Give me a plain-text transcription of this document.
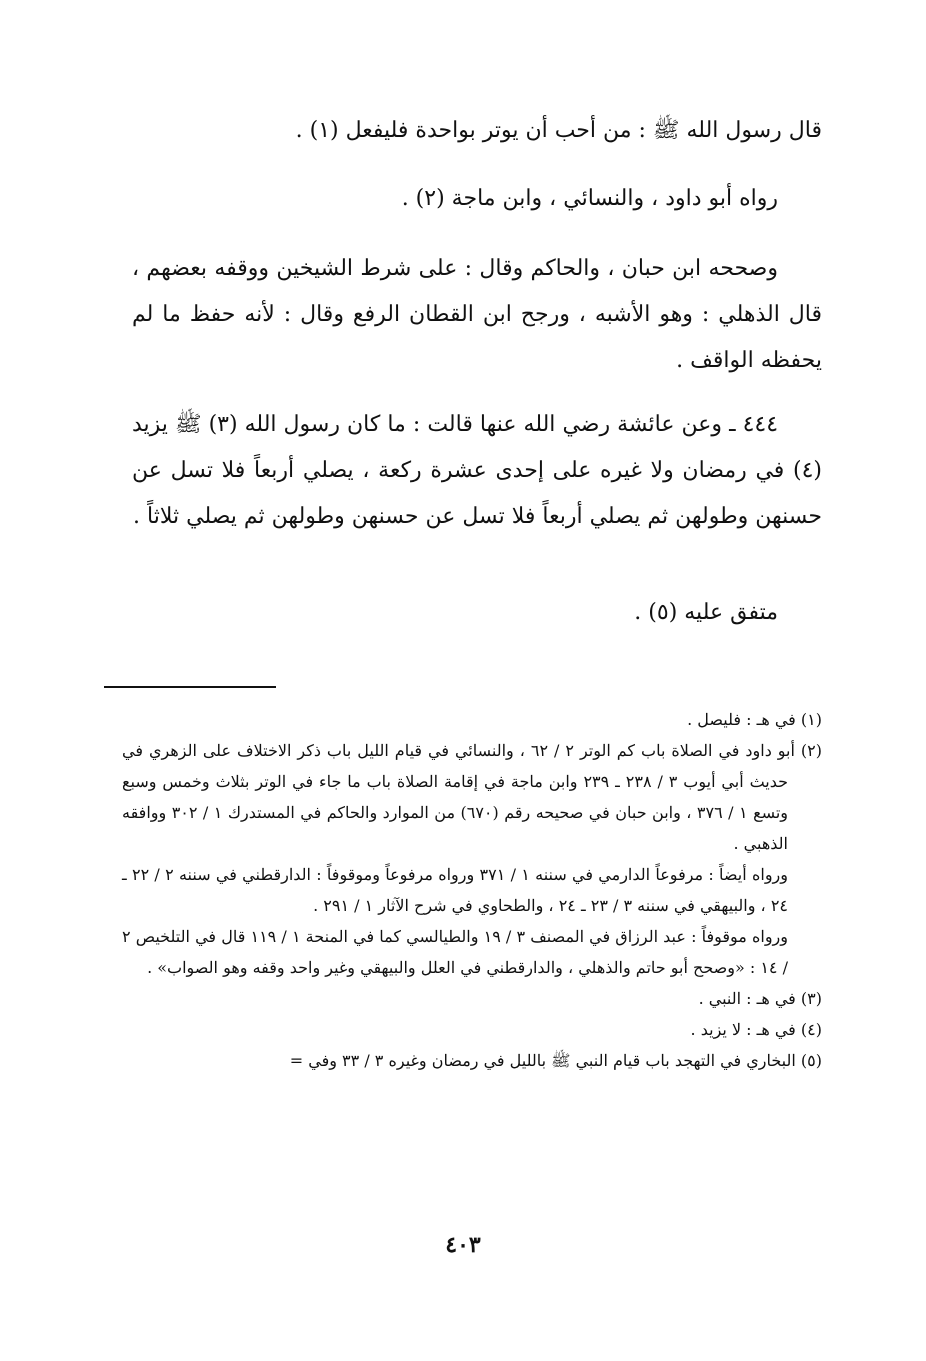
قال رسول الله ﷺ : من أحب أن يوتر بواحدة فليفعل (١) .

رواه أبو داود ، والنسائي ، وابن ماجة (٢) .

وصححه ابن حبان ، والحاكم وقال : على شرط الشيخين ووقفه بعضهم ، قال الذهلي : وهو الأشبه ، ورجح ابن القطان الرفع وقال : لأنه حفظ ما لم يحفظه الواقف .

٤٤٤ ـ وعن عائشة رضي الله عنها قالت : ما كان رسول الله (٣) ﷺ يزيد (٤) في رمضان ولا غيره على إحدى عشرة ركعة ، يصلي أربعاً فلا تسل عن حسنهن وطولهن ثم يصلي أربعاً فلا تسل عن حسنهن وطولهن ثم يصلي ثلاثاً .

متفق عليه (٥) .

(١) في هـ : فليصل .

(٢) أبو داود في الصلاة باب كم الوتر ٢ / ٦٢ ، والنسائي في قيام الليل باب ذكر الاختلاف على الزهري في حديث أبي أيوب ٣ / ٢٣٨ ـ ٢٣٩ وابن ماجة في إقامة الصلاة باب ما جاء في الوتر بثلاث وخمس وسبع وتسع ١ / ٣٧٦ ، وابن حبان في صحيحه رقم (٦٧٠) من الموارد والحاكم في المستدرك ١ / ٣٠٢ ووافقه الذهبي .

ورواه أيضاً : مرفوعاً الدارمي في سننه ١ / ٣٧١ ورواه مرفوعاً وموقوفاً : الدارقطني في سننه ٢ / ٢٢ ـ ٢٤ ، والبيهقي في سننه ٣ / ٢٣ ـ ٢٤ ، والطحاوي في شرح الآثار ١ / ٢٩١ .

ورواه موقوفاً : عبد الرزاق في المصنف ٣ / ١٩ والطيالسي كما في المنحة ١ / ١١٩ قال في التلخيص ٢ / ١٤ : «وصحح أبو حاتم والذهلي ، والدارقطني في العلل والبيهقي وغير واحد وقفه وهو الصواب» .

(٣) في هـ : النبي .

(٤) في هـ : لا يزيد .

(٥) البخاري في التهجد باب قيام النبي ﷺ بالليل في رمضان وغيره ٣ / ٣٣ وفي =

٤٠٣
